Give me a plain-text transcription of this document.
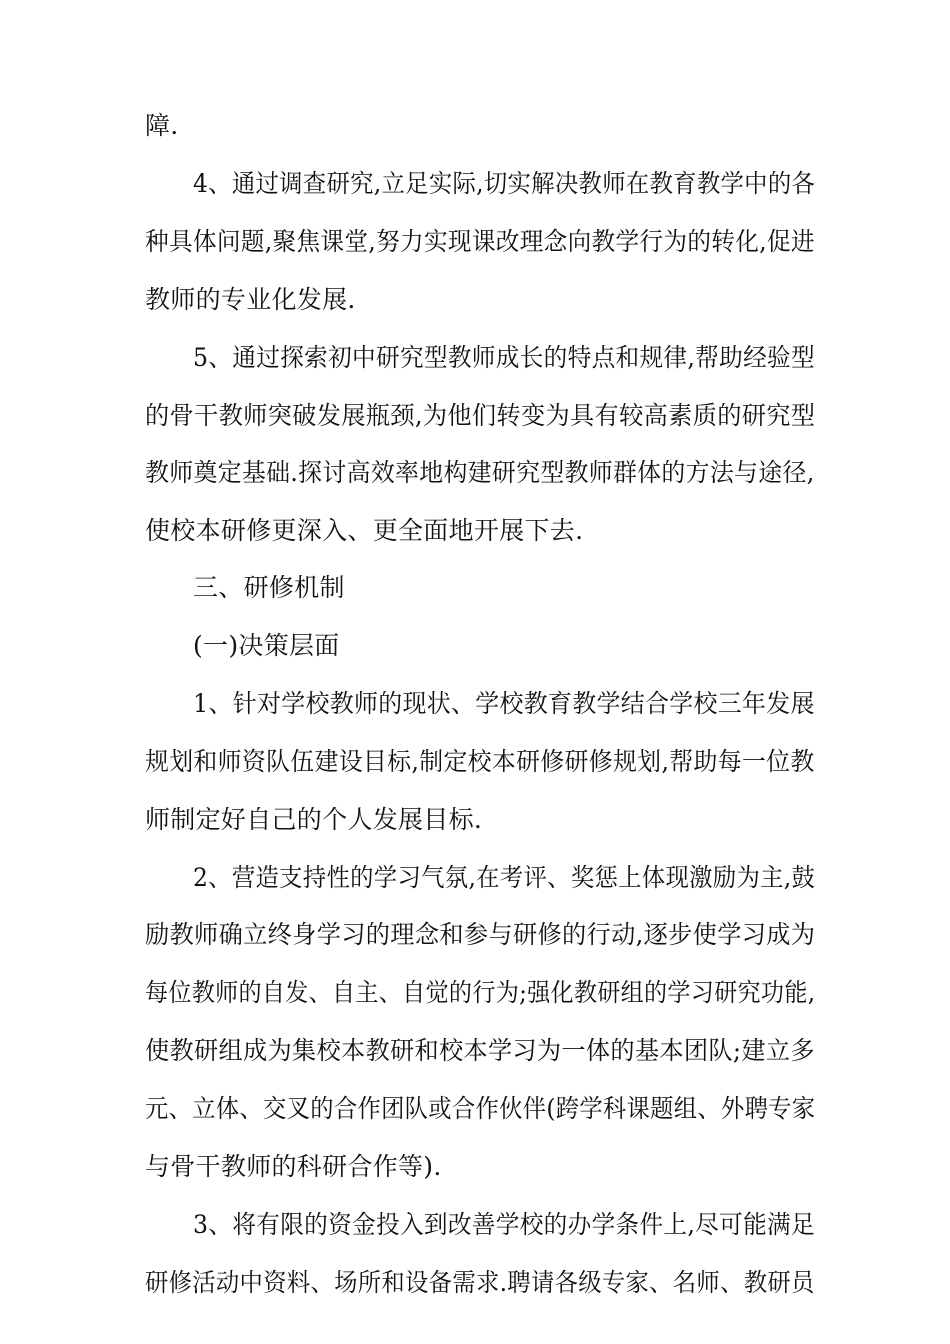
障.
4、通过调查研究,立足实际,切实解决教师在教育教学中的各
种具体问题,聚焦课堂,努力实现课改理念向教学行为的转化,促进
教师的专业化发展.
5、通过探索初中研究型教师成长的特点和规律,帮助经验型
的骨干教师突破发展瓶颈,为他们转变为具有较高素质的研究型
教师奠定基础.探讨高效率地构建研究型教师群体的方法与途径,
使校本研修更深入、更全面地开展下去.
三、研修机制
(一)决策层面
1、针对学校教师的现状、学校教育教学结合学校三年发展
规划和师资队伍建设目标,制定校本研修研修规划,帮助每一位教
师制定好自己的个人发展目标.
2、营造支持性的学习气氛,在考评、奖惩上体现激励为主,鼓
励教师确立终身学习的理念和参与研修的行动,逐步使学习成为
每位教师的自发、自主、自觉的行为;强化教研组的学习研究功能,
使教研组成为集校本教研和校本学习为一体的基本团队;建立多
元、立体、交叉的合作团队或合作伙伴(跨学科课题组、外聘专家
与骨干教师的科研合作等).
3、将有限的资金投入到改善学校的办学条件上,尽可能满足
研修活动中资料、场所和设备需求.聘请各级专家、名师、教研员
